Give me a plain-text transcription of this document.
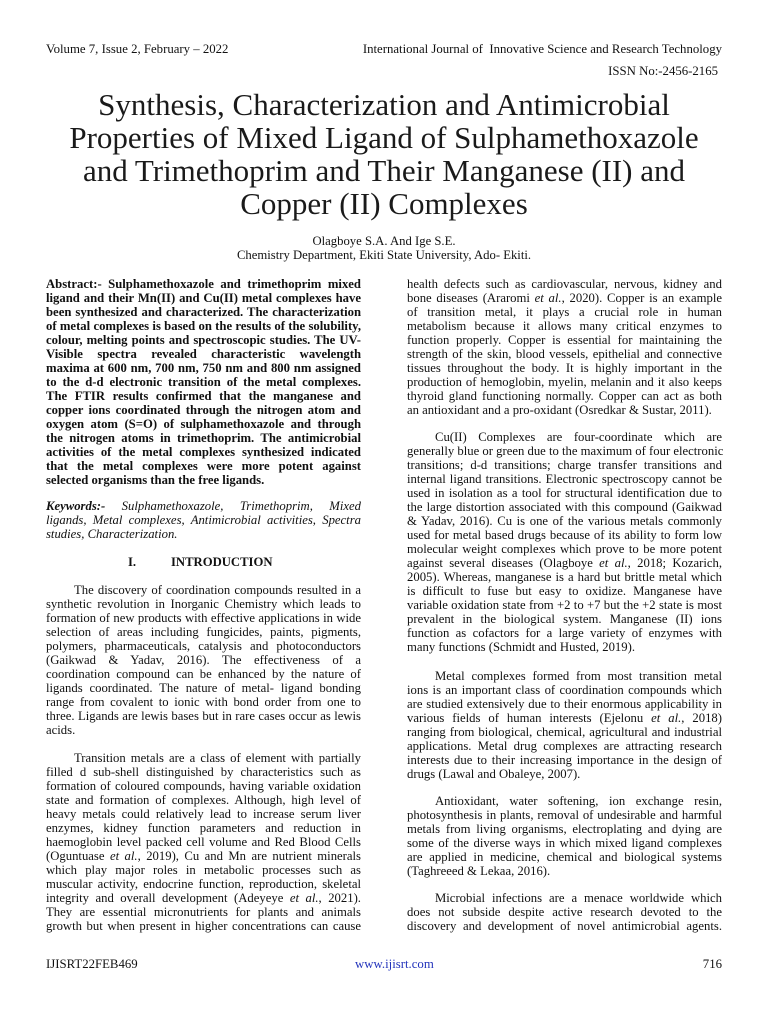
Volume 7, Issue 2, February – 2022	International Journal of  Innovative Science and Research Technology
ISSN No:-2456-2165
Synthesis, Characterization and Antimicrobial
Properties of Mixed Ligand of Sulphamethoxazole
and Trimethoprim and Their Manganese (II) and
Copper (II) Complexes
Olagboye S.A. And Ige S.E.
Chemistry Department, Ekiti State University, Ado- Ekiti.
Abstract:- Sulphamethoxazole and trimethoprim mixed
ligand and their Mn(II) and Cu(II) metal complexes have
been synthesized and characterized. The characterization
of metal complexes is based on the results of the solubility,
colour, melting points and spectroscopic studies. The UV-
Visible spectra revealed characteristic wavelength
maxima at 600 nm, 700 nm, 750 nm and 800 nm assigned
to the d-d electronic transition of the metal complexes.
The FTIR results confirmed that the manganese and
copper ions coordinated through the nitrogen atom and
oxygen atom (S=O) of sulphamethoxazole and through
the nitrogen atoms in trimethoprim. The antimicrobial
activities of the metal complexes synthesized indicated
that the metal complexes were more potent against
selected organisms than the free ligands.
Keywords:- Sulphamethoxazole, Trimethoprim, Mixed
ligands, Metal complexes, Antimicrobial activities, Spectra
studies, Characterization.
I.	INTRODUCTION
The discovery of coordination compounds resulted in a
synthetic revolution in Inorganic Chemistry which leads to
formation of new products with effective applications in wide
selection of areas including fungicides, paints, pigments,
polymers, pharmaceuticals, catalysis and photoconductors
(Gaikwad & Yadav, 2016). The effectiveness of a
coordination compound can be enhanced by the nature of
ligands coordinated. The nature of metal- ligand bonding
range from covalent to ionic with bond order from one to
three. Ligands are lewis bases but in rare cases occur as lewis
acids.
Transition metals are a class of element with partially
filled d sub-shell distinguished by characteristics such as
formation of coloured compounds, having variable oxidation
state and formation of complexes. Although, high level of
heavy metals could relatively lead to increase serum liver
enzymes, kidney function parameters and reduction in
haemoglobin level packed cell volume and Red Blood Cells
(Oguntuase et al., 2019), Cu and Mn are nutrient minerals
which play major roles in metabolic processes such as
muscular activity, endocrine function, reproduction, skeletal
integrity and overall development (Adeyeye et al., 2021).
They are essential micronutrients for plants and animals
growth but when present in higher concentrations can cause
health defects such as cardiovascular, nervous, kidney and
bone diseases (Araromi et al., 2020). Copper is an example
of transition metal, it plays a crucial role in human
metabolism because it allows many critical enzymes to
function properly. Copper is essential for maintaining the
strength of the skin, blood vessels, epithelial and connective
tissues throughout the body. It is highly important in the
production of hemoglobin, myelin, melanin and it also keeps
thyroid gland functioning normally. Copper can act as both
an antioxidant and a pro-oxidant (Osredkar & Sustar, 2011).
Cu(II) Complexes are four-coordinate which are
generally blue or green due to the maximum of four electronic
transitions; d-d transitions; charge transfer transitions and
internal ligand transitions. Electronic spectroscopy cannot be
used in isolation as a tool for structural identification due to
the large distortion associated with this compound (Gaikwad
& Yadav, 2016). Cu is one of the various metals commonly
used for metal based drugs because of its ability to form low
molecular weight complexes which prove to be more potent
against several diseases (Olagboye et al., 2018; Kozarich,
2005). Whereas, manganese is a hard but brittle metal which
is difficult to fuse but easy to oxidize. Manganese have
variable oxidation state from +2 to +7 but the +2 state is most
prevalent in the biological system. Manganese (II) ions
function as cofactors for a large variety of enzymes with
many functions (Schmidt and Husted, 2019).
Metal complexes formed from most transition metal
ions is an important class of coordination compounds which
are studied extensively due to their enormous applicability in
various fields of human interests (Ejelonu et al., 2018)
ranging from biological, chemical, agricultural and industrial
applications. Metal drug complexes are attracting research
interests due to their increasing importance in the design of
drugs (Lawal and Obaleye, 2007).
Antioxidant, water softening, ion exchange resin,
photosynthesis in plants, removal of undesirable and harmful
metals from living organisms, electroplating and dying are
some of the diverse ways in which mixed ligand complexes
are applied in medicine, chemical and biological systems
(Taghreeed & Lekaa, 2016).
Microbial infections are a menace worldwide which
does not subside despite active research devoted to the
discovery and development of novel antimicrobial agents.
IJISRT22FEB469	www.ijisrt.com	716
